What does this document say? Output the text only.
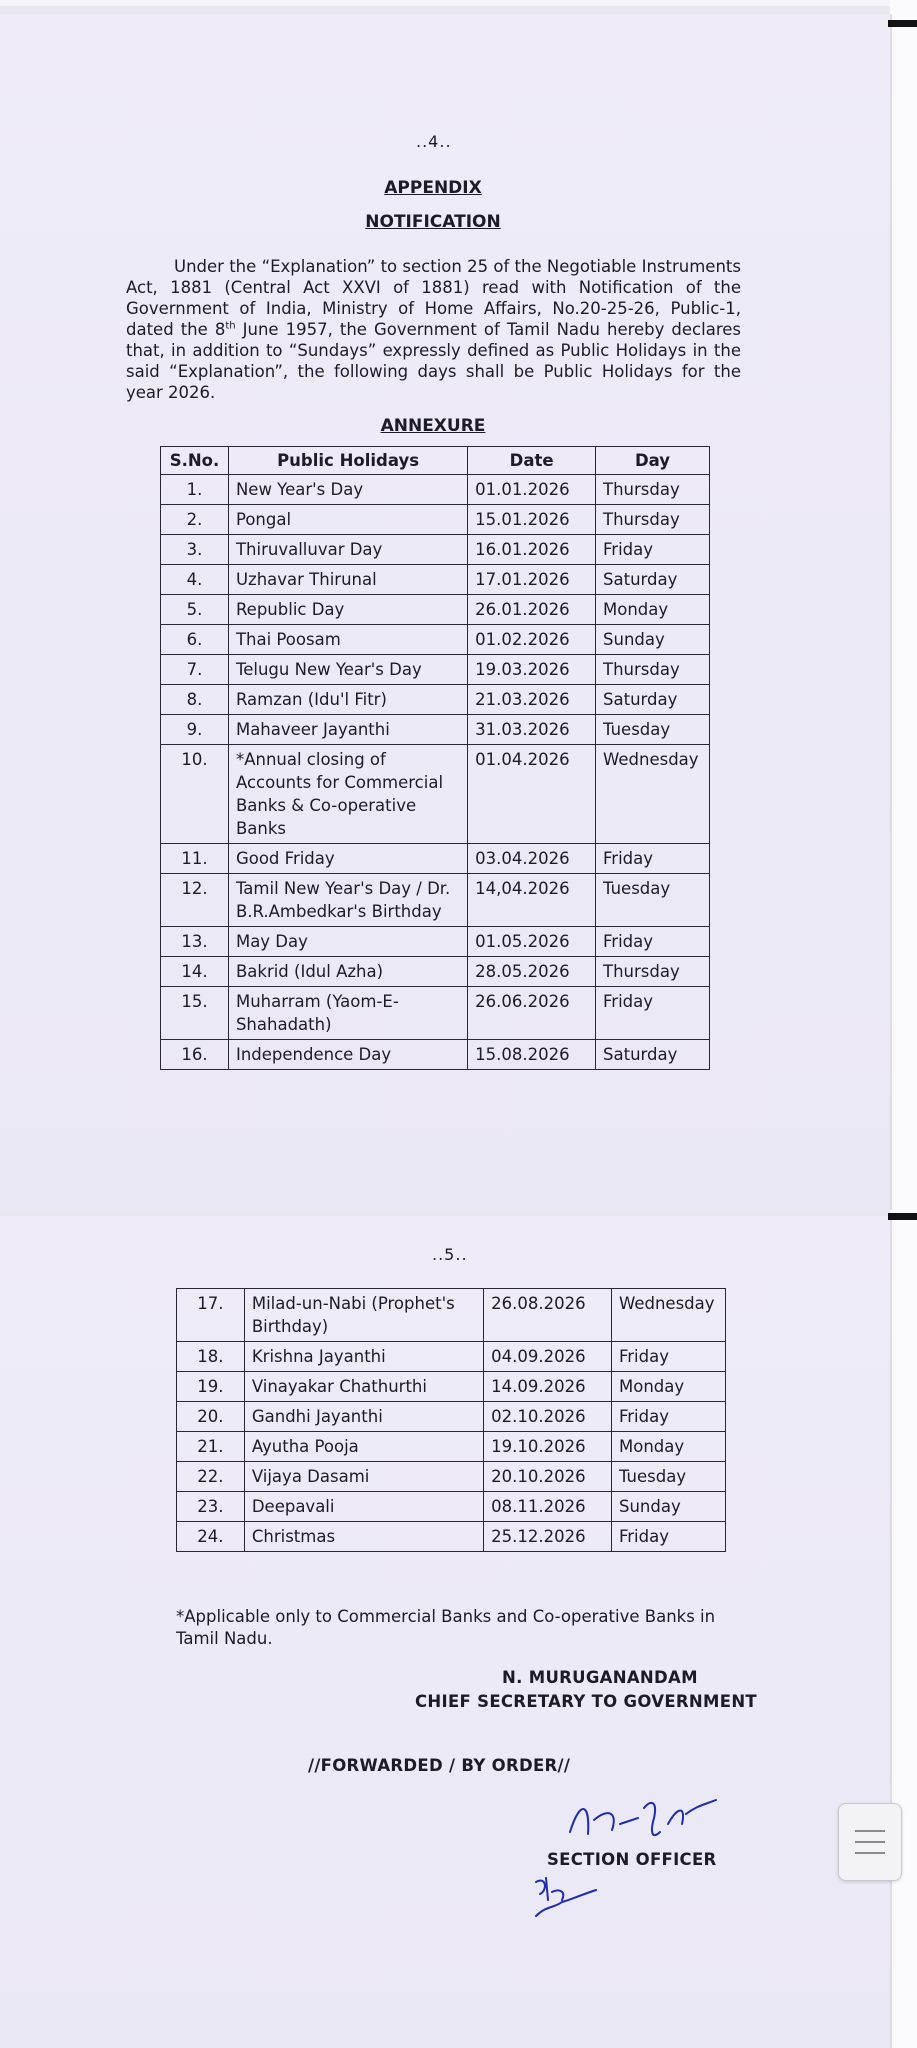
..4..
APPENDIX
NOTIFICATION
Under the “Explanation” to section 25 of the Negotiable Instruments Act, 1881 (Central Act XXVI of 1881) read with Notification of the Government of India, Ministry of Home Affairs, No.20-25-26, Public-1, dated the 8th June 1957, the Government of Tamil Nadu hereby declares that, in addition to “Sundays” expressly defined as Public Holidays in the said “Explanation”, the following days shall be Public Holidays for the year 2026.
ANNEXURE
S.No.	Public Holidays	Date	Day
1.	New Year's Day	01.01.2026	Thursday
2.	Pongal	15.01.2026	Thursday
3.	Thiruvalluvar Day	16.01.2026	Friday
4.	Uzhavar Thirunal	17.01.2026	Saturday
5.	Republic Day	26.01.2026	Monday
6.	Thai Poosam	01.02.2026	Sunday
7.	Telugu New Year's Day	19.03.2026	Thursday
8.	Ramzan (Idu'l Fitr)	21.03.2026	Saturday
9.	Mahaveer Jayanthi	31.03.2026	Tuesday
10.	*Annual closing of Accounts for Commercial Banks & Co-operative Banks	01.04.2026	Wednesday
11.	Good Friday	03.04.2026	Friday
12.	Tamil New Year's Day / Dr. B.R.Ambedkar's Birthday	14,04.2026	Tuesday
13.	May Day	01.05.2026	Friday
14.	Bakrid (Idul Azha)	28.05.2026	Thursday
15.	Muharram (Yaom-E-Shahadath)	26.06.2026	Friday
16.	Independence Day	15.08.2026	Saturday
..5..
17.	Milad-un-Nabi (Prophet's Birthday)	26.08.2026	Wednesday
18.	Krishna Jayanthi	04.09.2026	Friday
19.	Vinayakar Chathurthi	14.09.2026	Monday
20.	Gandhi Jayanthi	02.10.2026	Friday
21.	Ayutha Pooja	19.10.2026	Monday
22.	Vijaya Dasami	20.10.2026	Tuesday
23.	Deepavali	08.11.2026	Sunday
24.	Christmas	25.12.2026	Friday
*Applicable only to Commercial Banks and Co-operative Banks in Tamil Nadu.
N. MURUGANANDAM
CHIEF SECRETARY TO GOVERNMENT
//FORWARDED / BY ORDER//
SECTION OFFICER
